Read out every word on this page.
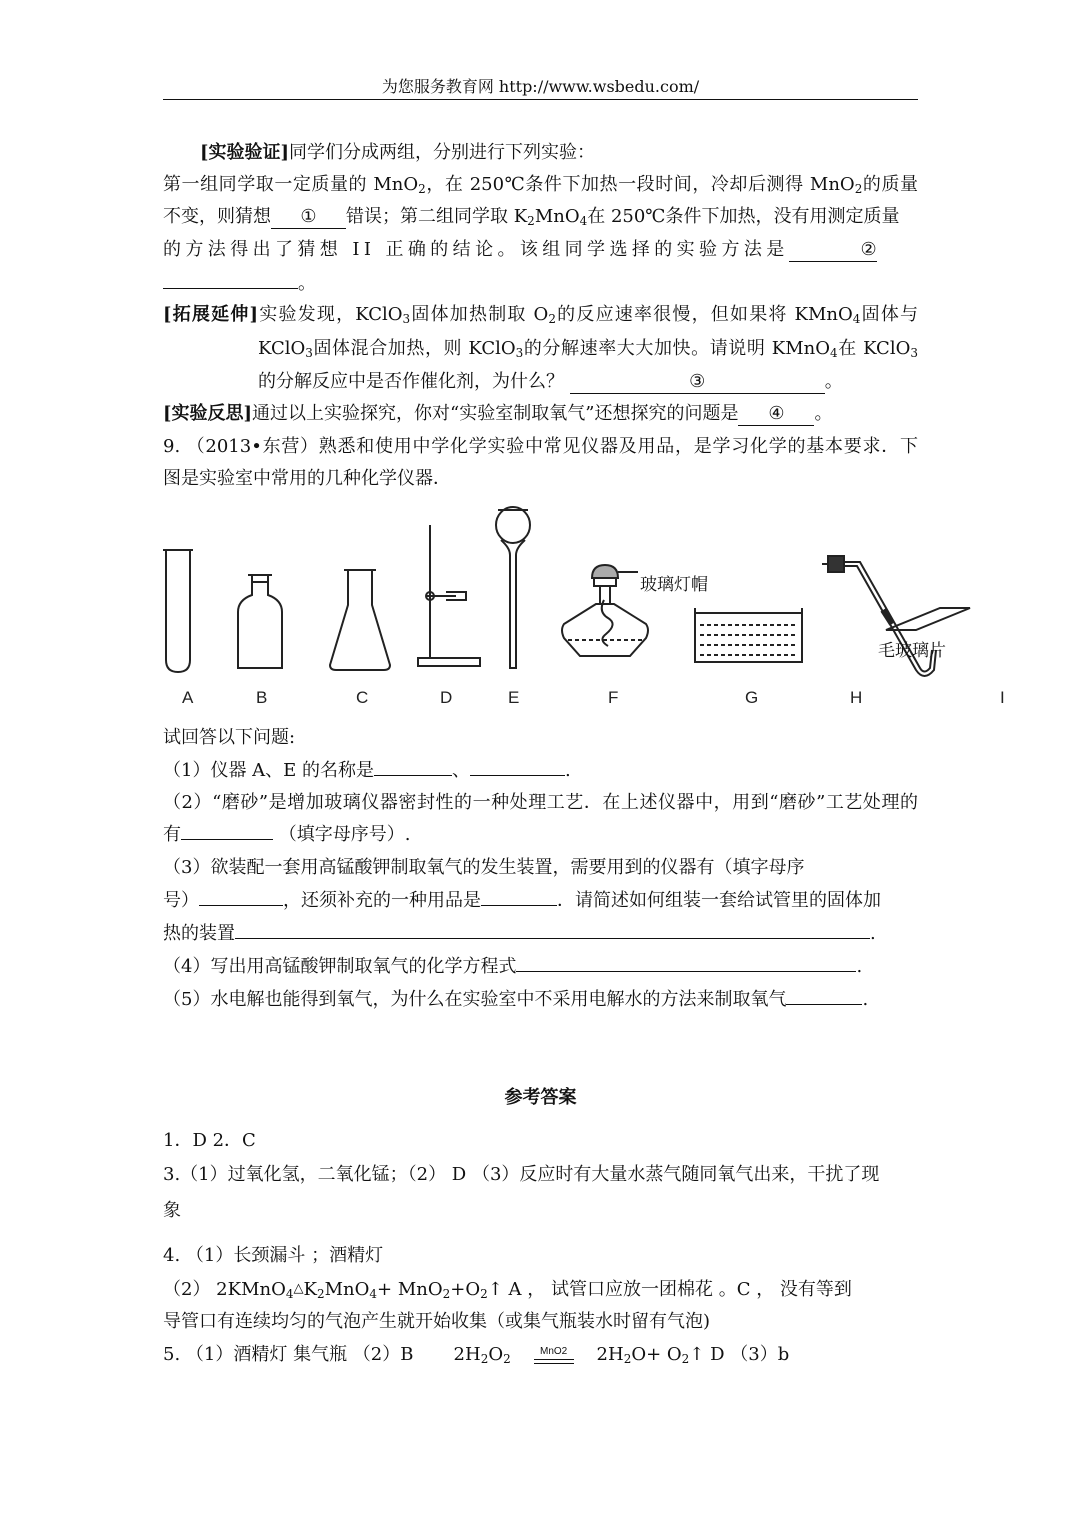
为您服务教育网 http://www.wsbedu.com/
[实验验证]同学们分成两组，分别进行下列实验：
第一组同学取一定质量的 MnO$_2$，在 250℃条件下加热一段时间，冷却后测得 MnO$_2$的质量
不变，则猜想 ① 错误；第二组同学取 $K_2MnO_4$在 250℃条件下加热，没有用测定质量
的方法得出了猜想 II 正确的结论。该组同学选择的实验方法是	②
。
[拓展延伸]实验发现，KClO$_3$固体加热制取 $O_2$的反应速率很慢，但如果将 KMnO$_4$固体与
KClO$_3$固体混合加热，则 KClO$_3$的分解速率大大加快。请说明 KMnO$_4$在 KClO$_3$
的分解反应中是否作催化剂，为什么？	③	。
[实验反思]通过以上实验探究，你对“实验室制取氧气”还想探究的问题是 ④ 。
9. （2013•东营）熟悉和使用中学化学实验中常见仪器及用品，是学习化学的基本要求．下
图是实验室中常用的几种化学仪器．
玻璃灯帽
毛玻璃片
A	B	C	D	E	F	G	H	I
试回答以下问题:
（1）仪器 A、E 的名称是	、	.
（2）“磨砂”是增加玻璃仪器密封性的一种处理工艺．在上述仪器中，用到“磨砂”工艺处理的
有	（填字母序号）.
（3）欲装配一套用高锰酸钾制取氧气的发生装置，需要用到的仪器有（填字母序
号）	，还须补充的一种用品是	．请简述如何组装一套给试管里的固体加
热的装置	.
（4）写出用高锰酸钾制取氧气的化学方程式	.
（5）水电解也能得到氧气，为什么在实验室中不采用电解水的方法来制取氧气	.
参考答案
1．D 2．C
3.（1）过氧化氢，二氧化锰；（2） D （3）反应时有大量水蒸气随同氧气出来，干扰了现
象
4. （1）长颈漏斗 ；酒精灯
（2） $2KMnO_4\triangle K_2MnO_4+$ $MnO_2+O_2↑$ A ， 试管口应放一团棉花 。C ， 没有等到
导管口有连续均匀的气泡产生就开始收集（或集气瓶装水时留有气泡)
5. （1）酒精灯 集气瓶 （2）B $2H_2O_2$
MnO2	$2H_2O+$ $O_2↑$ D （3）b
